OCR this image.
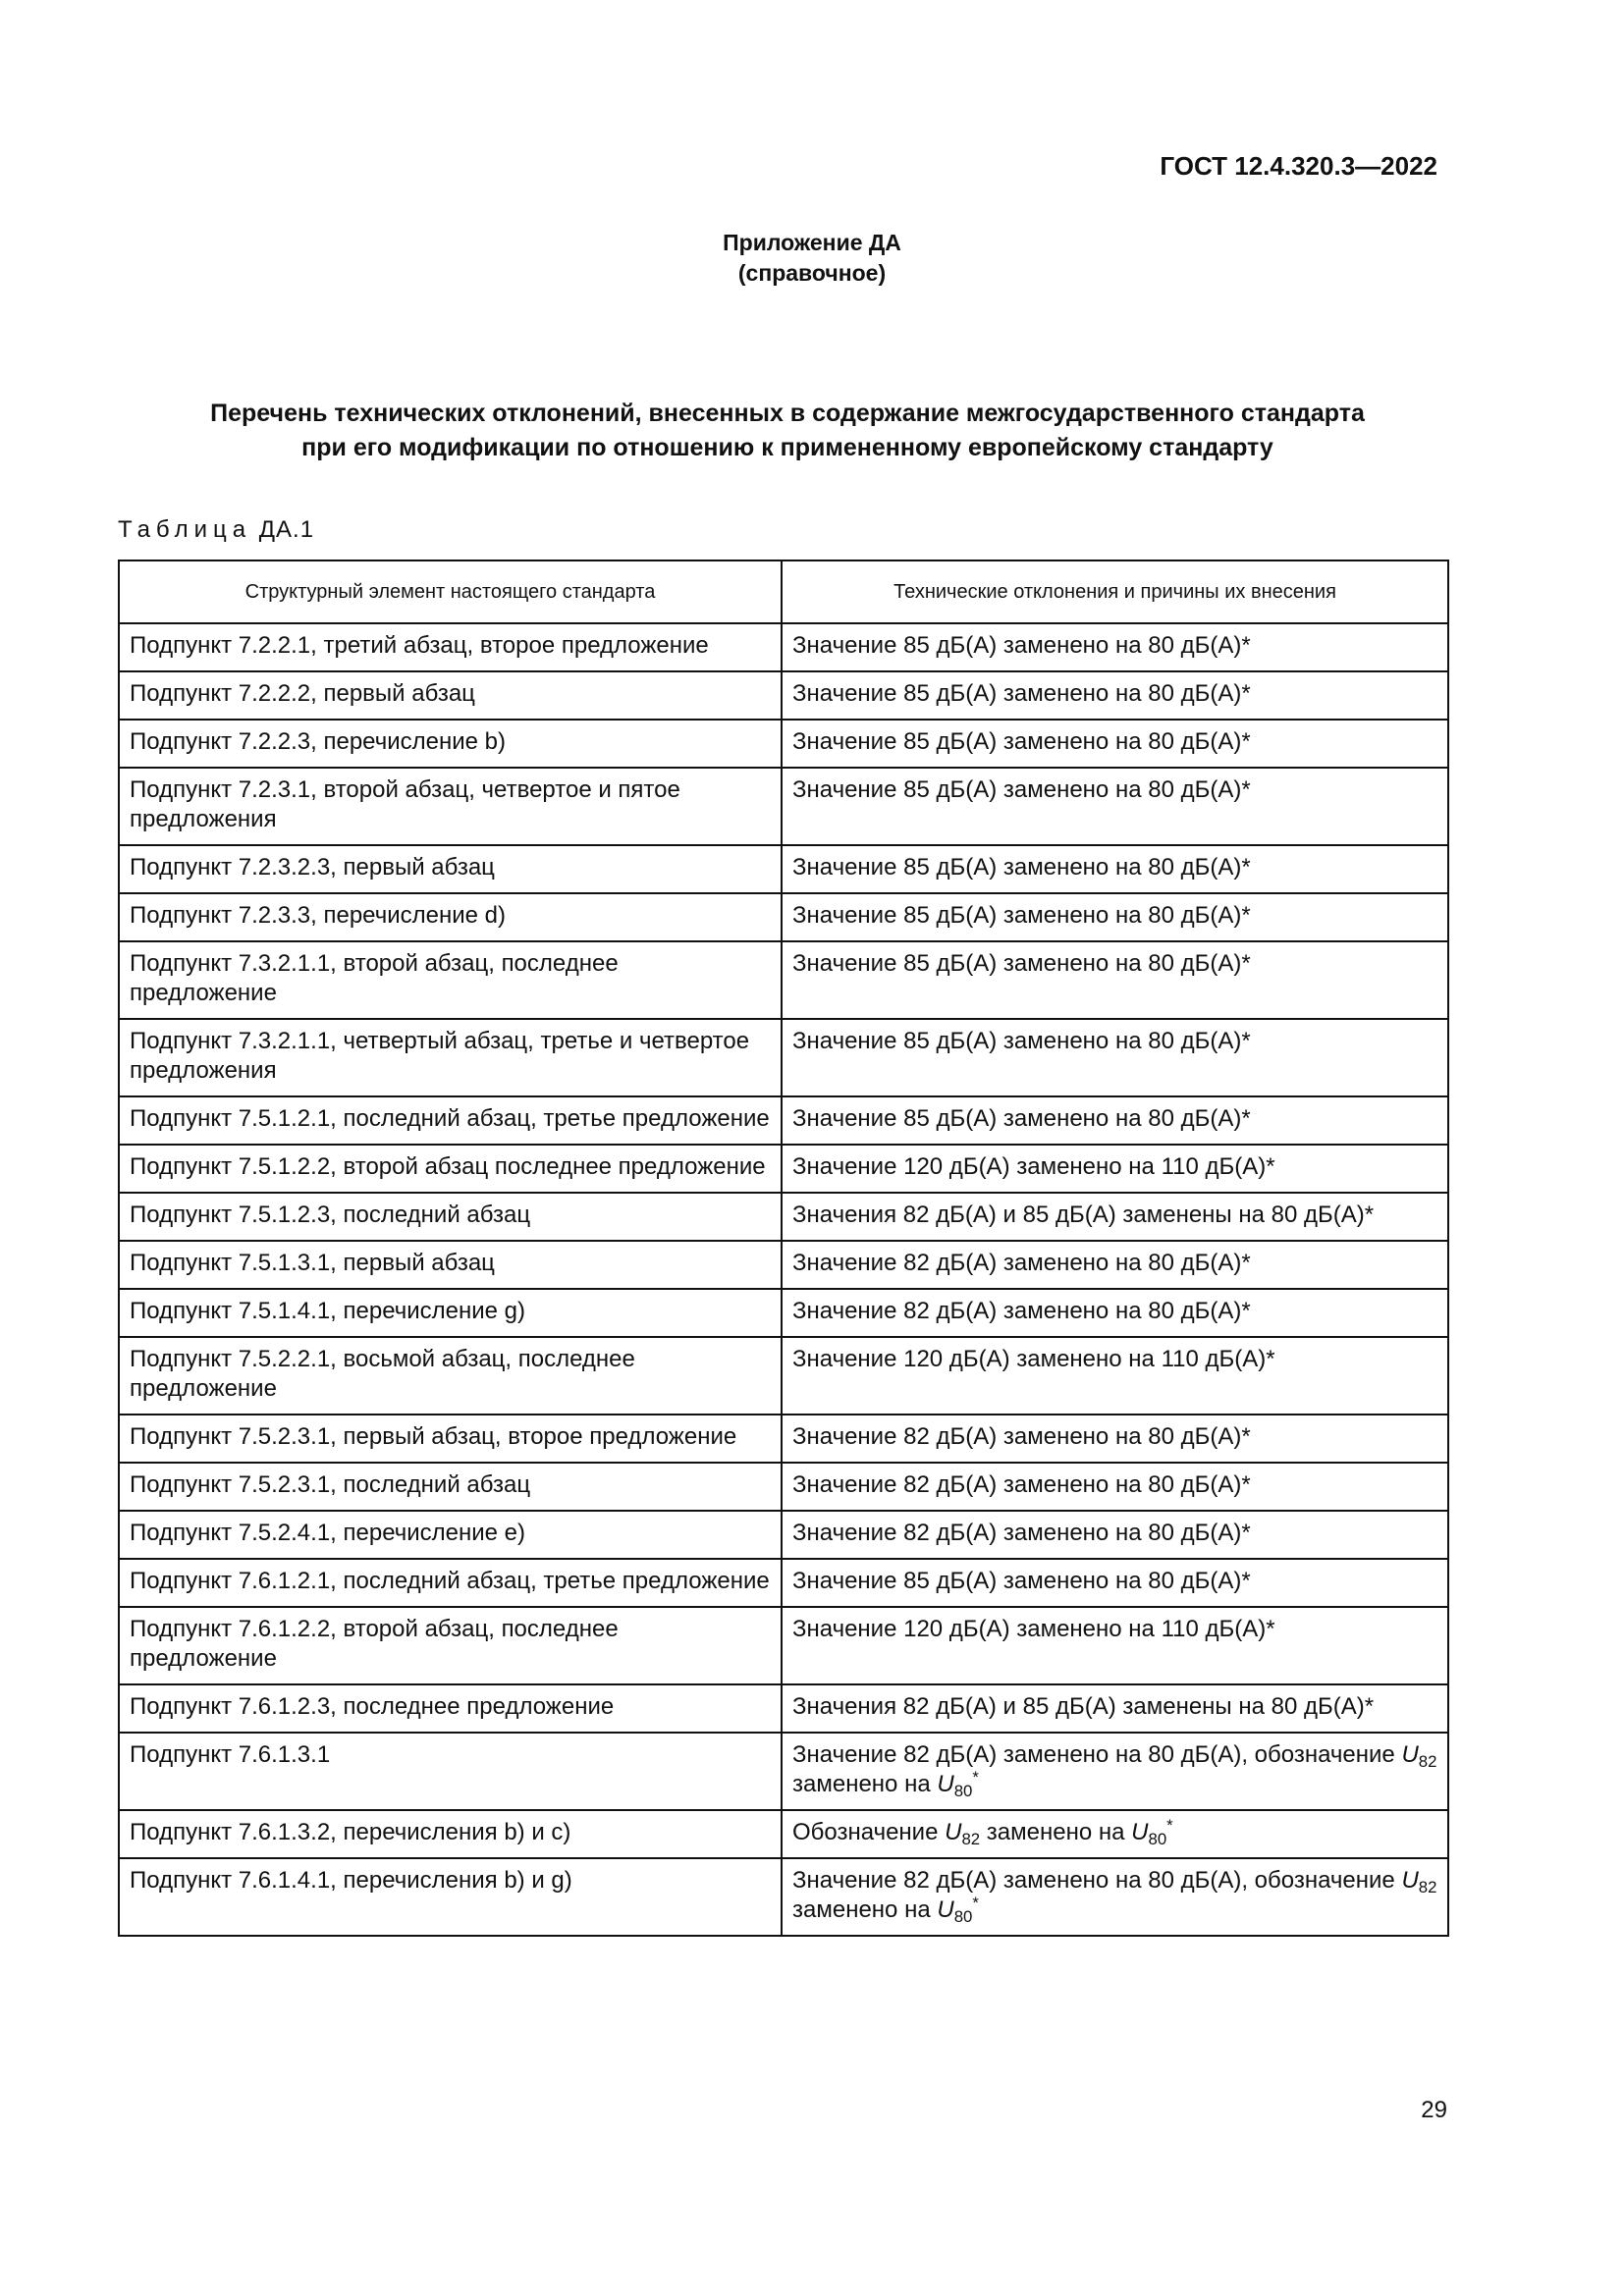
ГОСТ 12.4.320.3—2022
Приложение ДА
(справочное)
Перечень технических отклонений, внесенных в содержание межгосударственного стандарта
при его модификации по отношению к примененному европейскому стандарту
Таблица ДА.1
Структурный элемент настоящего стандарта	Технические отклонения и причины их внесения
Подпункт 7.2.2.1, третий абзац, второе предложение	Значение 85 дБ(А) заменено на 80 дБ(А)*
Подпункт 7.2.2.2, первый абзац	Значение 85 дБ(А) заменено на 80 дБ(А)*
Подпункт 7.2.2.3, перечисление b)	Значение 85 дБ(А) заменено на 80 дБ(А)*
Подпункт 7.2.3.1, второй абзац, четвертое и пятое предложения	Значение 85 дБ(А) заменено на 80 дБ(А)*
Подпункт 7.2.3.2.3, первый абзац	Значение 85 дБ(А) заменено на 80 дБ(А)*
Подпункт 7.2.3.3, перечисление d)	Значение 85 дБ(А) заменено на 80 дБ(А)*
Подпункт 7.3.2.1.1, второй абзац, последнее предложение	Значение 85 дБ(А) заменено на 80 дБ(А)*
Подпункт 7.3.2.1.1, четвертый абзац, третье и четвертое предложения	Значение 85 дБ(А) заменено на 80 дБ(А)*
Подпункт 7.5.1.2.1, последний абзац, третье предложение	Значение 85 дБ(А) заменено на 80 дБ(А)*
Подпункт 7.5.1.2.2, второй абзац последнее предложение	Значение 120 дБ(А) заменено на 110 дБ(А)*
Подпункт 7.5.1.2.3, последний абзац	Значения 82 дБ(А) и 85 дБ(А) заменены на 80 дБ(А)*
Подпункт 7.5.1.3.1, первый абзац	Значение 82 дБ(А) заменено на 80 дБ(А)*
Подпункт 7.5.1.4.1, перечисление g)	Значение 82 дБ(А) заменено на 80 дБ(А)*
Подпункт 7.5.2.2.1, восьмой абзац, последнее предложение	Значение 120 дБ(А) заменено на 110 дБ(А)*
Подпункт 7.5.2.3.1, первый абзац, второе предложение	Значение 82 дБ(А) заменено на 80 дБ(А)*
Подпункт 7.5.2.3.1, последний абзац	Значение 82 дБ(А) заменено на 80 дБ(А)*
Подпункт 7.5.2.4.1, перечисление e)	Значение 82 дБ(А) заменено на 80 дБ(А)*
Подпункт 7.6.1.2.1, последний абзац, третье предложение	Значение 85 дБ(А) заменено на 80 дБ(А)*
Подпункт 7.6.1.2.2, второй абзац, последнее предложение	Значение 120 дБ(А) заменено на 110 дБ(А)*
Подпункт 7.6.1.2.3, последнее предложение	Значения 82 дБ(А) и 85 дБ(А) заменены на 80 дБ(А)*
Подпункт 7.6.1.3.1	Значение 82 дБ(А) заменено на 80 дБ(А), обозначение $U_{82}$ заменено на $U_{80}^*$
Подпункт 7.6.1.3.2, перечисления b) и c)	Обозначение $U_{82}$ заменено на $U_{80}^*$
Подпункт 7.6.1.4.1, перечисления b) и g)	Значение 82 дБ(А) заменено на 80 дБ(А), обозначение $U_{82}$ заменено на $U_{80}^*$
29
